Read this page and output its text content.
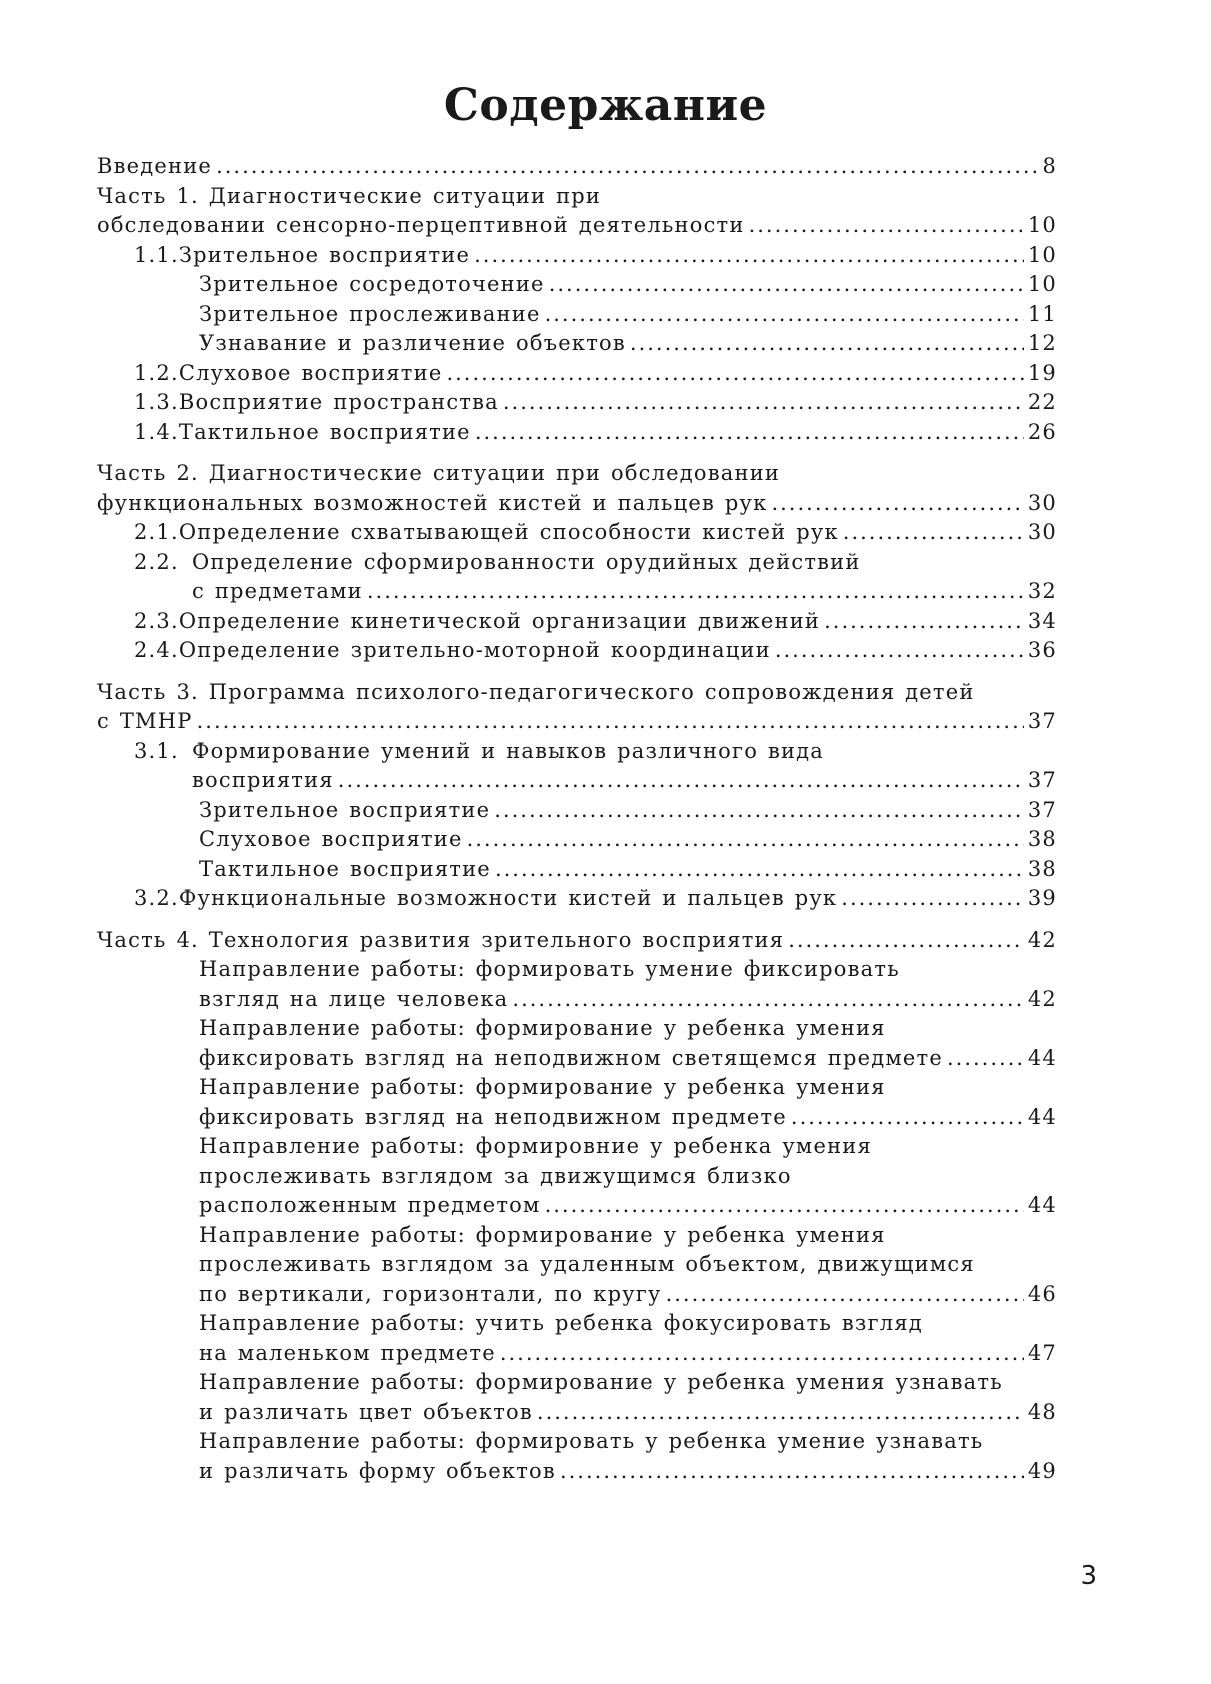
Содержание
Введение .....	8
Часть 1. Диагностические ситуации при
обследовании сенсорно-перцептивной деятельности .....	10
1.1. Зрительное восприятие .....	10
Зрительное сосредоточение .....	10
Зрительное прослеживание .....	11
Узнавание и различение объектов .....	12
1.2. Слуховое восприятие .....	19
1.3. Восприятие пространства .....	22
1.4. Тактильное восприятие .....	26
Часть 2. Диагностические ситуации при обследовании
функциональных возможностей кистей и пальцев рук .....	30
2.1. Определение схватывающей способности кистей рук .....	30
2.2. Определение сформированности орудийных действий
с предметами .....	32
2.3. Определение кинетической организации движений .....	34
2.4. Определение зрительно-моторной координации .....	36
Часть 3. Программа психолого-педагогического сопровождения детей
с ТМНР .....	37
3.1. Формирование умений и навыков различного вида
восприятия .....	37
Зрительное восприятие .....	37
Слуховое восприятие .....	38
Тактильное восприятие .....	38
3.2. Функциональные возможности кистей и пальцев рук .....	39
Часть 4. Технология развития зрительного восприятия .....	42
Направление работы: формировать умение фиксировать
взгляд на лице человека .....	42
Направление работы: формирование у ребенка умения
фиксировать взгляд на неподвижном светящемся предмете .....	44
Направление работы: формирование у ребенка умения
фиксировать взгляд на неподвижном предмете .....	44
Направление работы: формировние у ребенка умения
прослеживать взглядом за движущимся близко
расположенным предметом .....	44
Направление работы: формирование у ребенка умения
прослеживать взглядом за удаленным объектом, движущимся
по вертикали, горизонтали, по кругу .....	46
Направление работы: учить ребенка фокусировать взгляд
на маленьком предмете .....	47
Направление работы: формирование у ребенка умения узнавать
и различать цвет объектов .....	48
Направление работы: формировать у ребенка умение узнавать
и различать форму объектов .....	49
3
